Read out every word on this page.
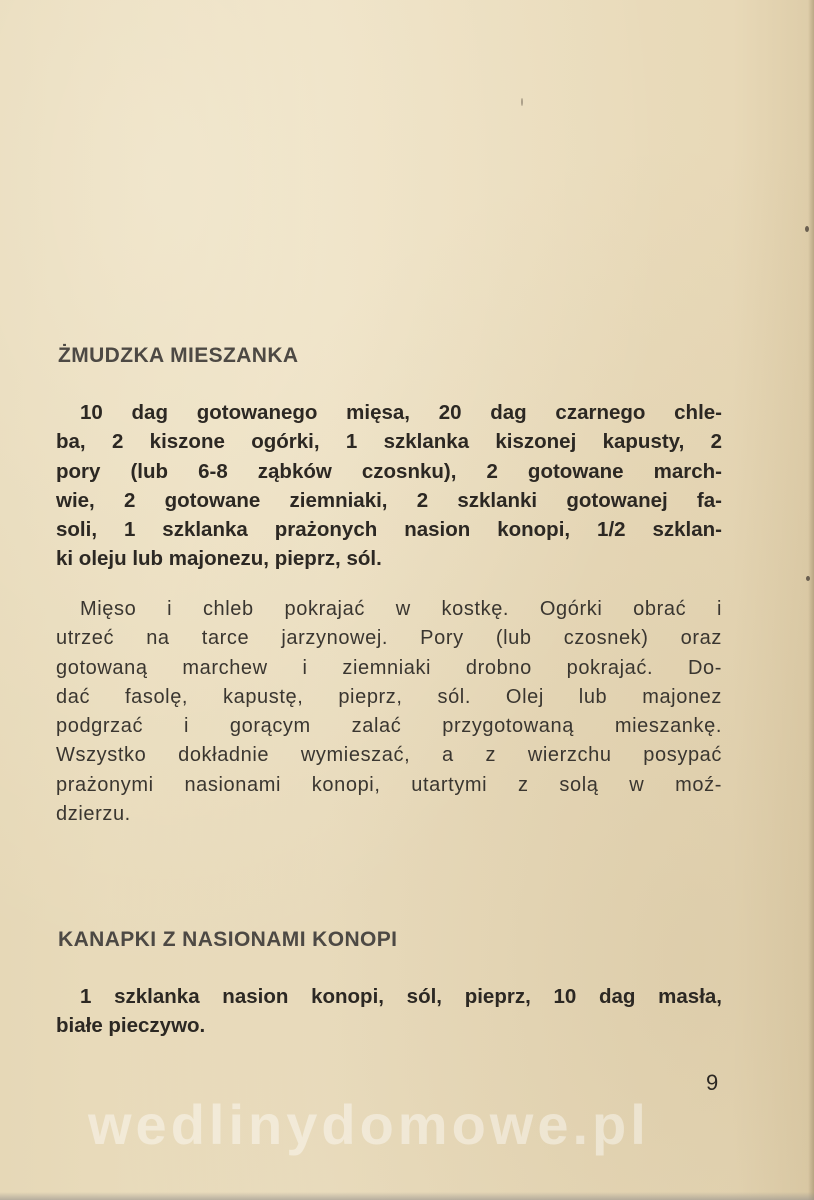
ŻMUDZKA MIESZANKA
10 dag gotowanego mięsa, 20 dag czarnego chle-
ba, 2 kiszone ogórki, 1 szklanka kiszonej kapusty, 2
pory (lub 6-8 ząbków czosnku), 2 gotowane march-
wie, 2 gotowane ziemniaki, 2 szklanki gotowanej fa-
soli, 1 szklanka prażonych nasion konopi, 1/2 szklan-
ki oleju lub majonezu, pieprz, sól.
Mięso i chleb pokrajać w kostkę. Ogórki obrać i
utrzeć na tarce jarzynowej. Pory (lub czosnek) oraz
gotowaną marchew i ziemniaki drobno pokrajać. Do-
dać fasolę, kapustę, pieprz, sól. Olej lub majonez
podgrzać i gorącym zalać przygotowaną mieszankę.
Wszystko dokładnie wymieszać, a z wierzchu posypać
prażonymi nasionami konopi, utartymi z solą w moź-
dzierzu.
KANAPKI Z NASIONAMI KONOPI
1 szklanka nasion konopi, sól, pieprz, 10 dag masła,
białe pieczywo.

9

wedlinydomowe.pl
